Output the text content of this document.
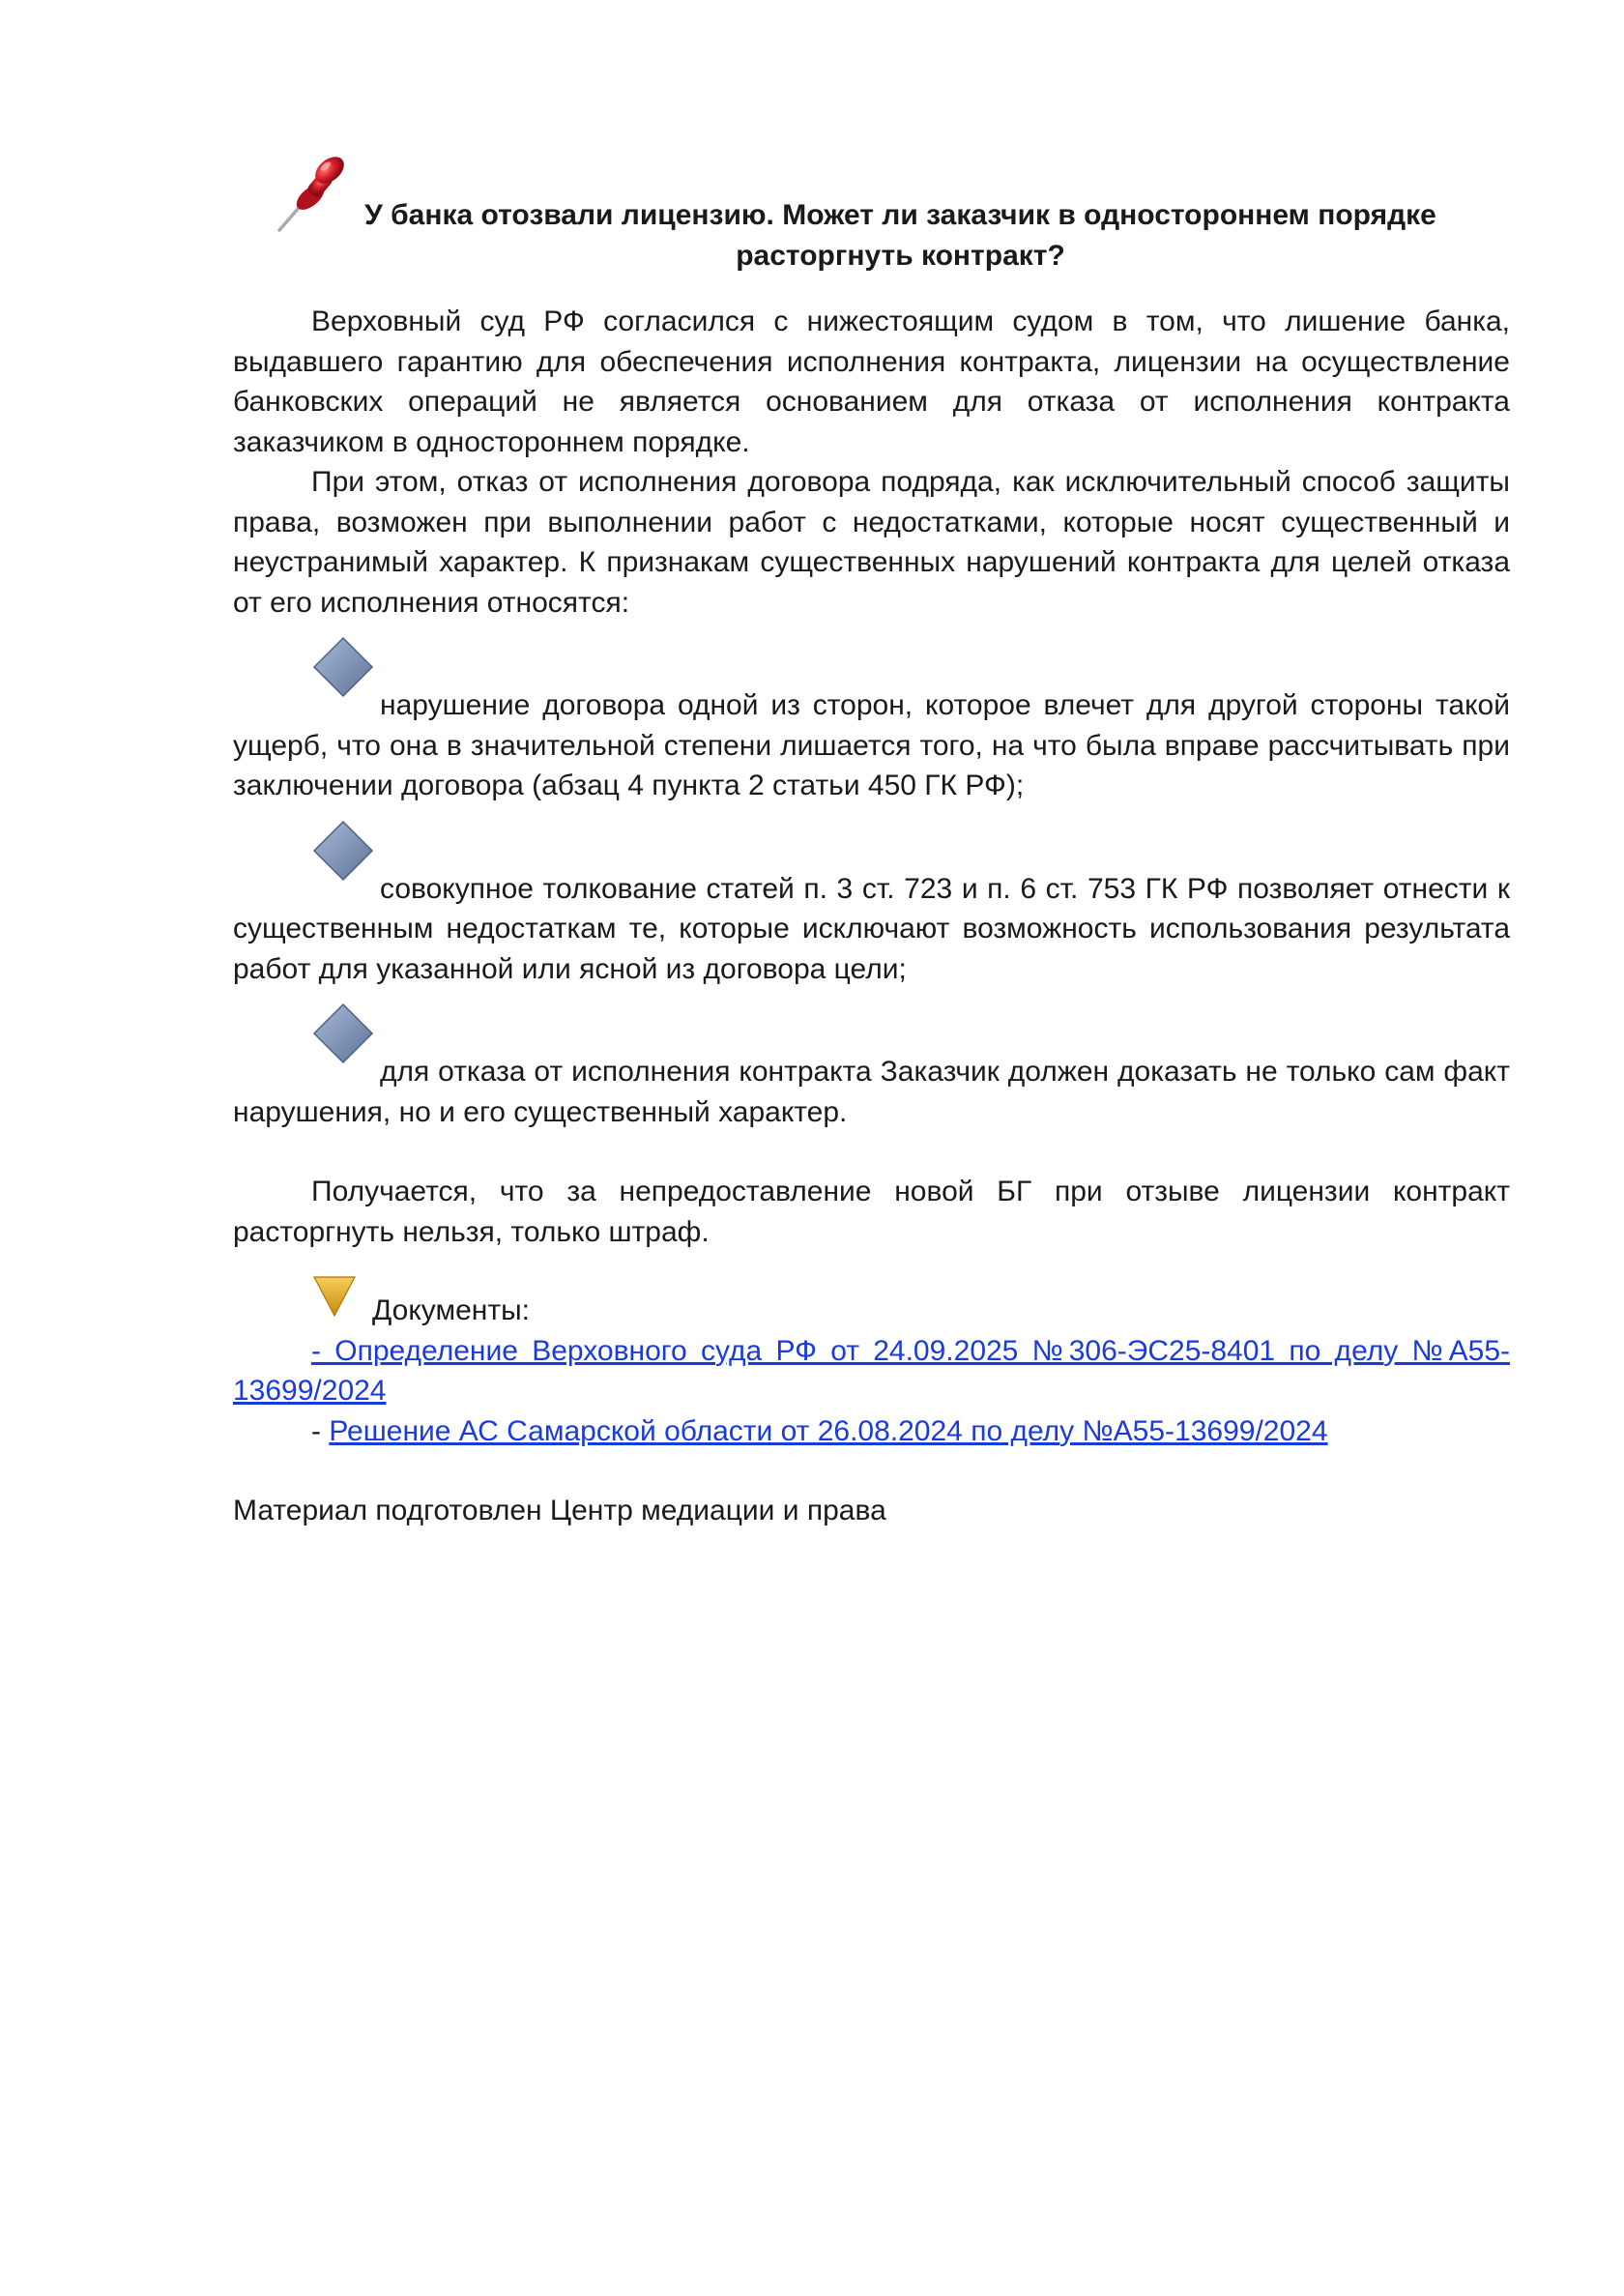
У банка отозвали лицензию. Может ли заказчик в одностороннем порядке расторгнуть контракт?

Верховный суд РФ согласился с нижестоящим судом в том, что лишение банка, выдавшего гарантию для обеспечения исполнения контракта, лицензии на осуществление банковских операций не является основанием для отказа от исполнения контракта заказчиком в одностороннем порядке.

При этом, отказ от исполнения договора подряда, как исключительный способ защиты права, возможен при выполнении работ с недостатками, которые носят существенный и неустранимый характер. К признакам существенных нарушений контракта для целей отказа от его исполнения относятся:

нарушение договора одной из сторон, которое влечет для другой стороны такой ущерб, что она в значительной степени лишается того, на что была вправе рассчитывать при заключении договора (абзац 4 пункта 2 статьи 450 ГК РФ);

совокупное толкование статей п. 3 ст. 723 и п. 6 ст. 753 ГК РФ позволяет отнести к существенным недостаткам те, которые исключают возможность использования результата работ для указанной или ясной из договора цели;

для отказа от исполнения контракта Заказчик должен доказать не только сам факт нарушения, но и его существенный характер.

Получается, что за непредоставление новой БГ при отзыве лицензии контракт расторгнуть нельзя, только штраф.

Документы:

- Определение Верховного суда РФ от 24.09.2025 №306-ЭС25-8401 по делу №А55-13699/2024

- Решение АС Самарской области от 26.08.2024 по делу №А55-13699/2024

Материал подготовлен Центр медиации и права
